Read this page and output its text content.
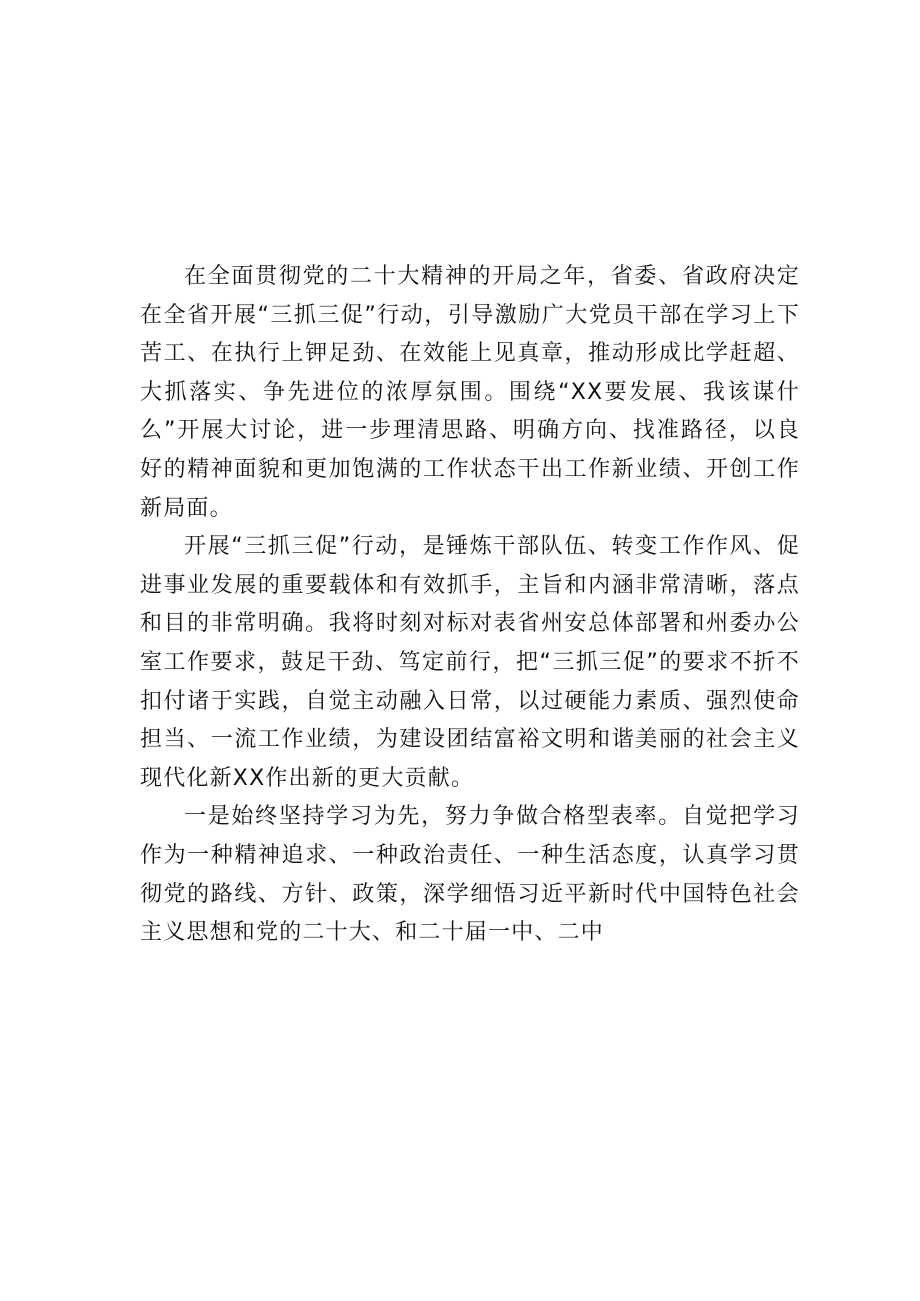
在全面贯彻党的二十大精神的开局之年，省委、省政府决定在全省开展“三抓三促”行动，引导激励广大党员干部在学习上下苦工、在执行上钾足劲、在效能上见真章，推动形成比学赶超、大抓落实、争先进位的浓厚氛围。围绕“XX要发展、我该谋什么”开展大讨论，进一步理清思路、明确方向、找准路径，以良好的精神面貌和更加饱满的工作状态干出工作新业绩、开创工作新局面。

开展“三抓三促”行动，是锤炼干部队伍、转变工作作风、促进事业发展的重要载体和有效抓手，主旨和内涵非常清晰，落点和目的非常明确。我将时刻对标对表省州安总体部署和州委办公室工作要求，鼓足干劲、笃定前行，把“三抓三促”的要求不折不扣付诸于实践，自觉主动融入日常，以过硬能力素质、强烈使命担当、一流工作业绩，为建设团结富裕文明和谐美丽的社会主义现代化新XX作出新的更大贡献。

一是始终坚持学习为先，努力争做合格型表率。自觉把学习作为一种精神追求、一种政治责任、一种生活态度，认真学习贯彻党的路线、方针、政策，深学细悟习近平新时代中国特色社会主义思想和党的二十大、和二十届一中、二中
